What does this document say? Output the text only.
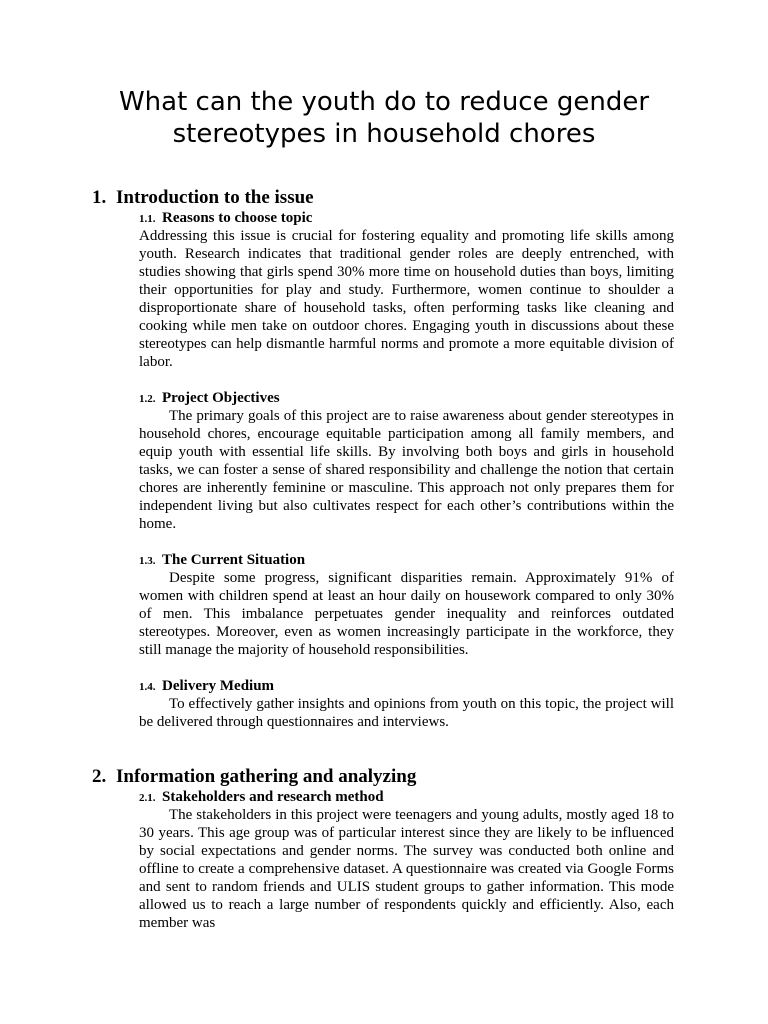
What can the youth do to reduce gender stereotypes in household chores
1. Introduction to the issue
1.1. Reasons to choose topic

Addressing this issue is crucial for fostering equality and promoting life skills among youth. Research indicates that traditional gender roles are deeply entrenched, with studies showing that girls spend 30% more time on household duties than boys, limiting their opportunities for play and study. Furthermore, women continue to shoulder a disproportionate share of household tasks, often performing tasks like cleaning and cooking while men take on outdoor chores. Engaging youth in discussions about these stereotypes can help dismantle harmful norms and promote a more equitable division of labor.

1.2. Project Objectives

The primary goals of this project are to raise awareness about gender stereotypes in household chores, encourage equitable participation among all family members, and equip youth with essential life skills. By involving both boys and girls in household tasks, we can foster a sense of shared responsibility and challenge the notion that certain chores are inherently feminine or masculine. This approach not only prepares them for independent living but also cultivates respect for each other’s contributions within the home.

1.3. The Current Situation

Despite some progress, significant disparities remain. Approximately 91% of women with children spend at least an hour daily on housework compared to only 30% of men. This imbalance perpetuates gender inequality and reinforces outdated stereotypes. Moreover, even as women increasingly participate in the workforce, they still manage the majority of household responsibilities.

1.4. Delivery Medium

To effectively gather insights and opinions from youth on this topic, the project will be delivered through questionnaires and interviews.

2. Information gathering and analyzing
2.1. Stakeholders and research method

The stakeholders in this project were teenagers and young adults, mostly aged 18 to 30 years. This age group was of particular interest since they are likely to be influenced by social expectations and gender norms. The survey was conducted both online and offline to create a comprehensive dataset. A questionnaire was created via Google Forms and sent to random friends and ULIS student groups to gather information. This mode allowed us to reach a large number of respondents quickly and efficiently. Also, each member was
